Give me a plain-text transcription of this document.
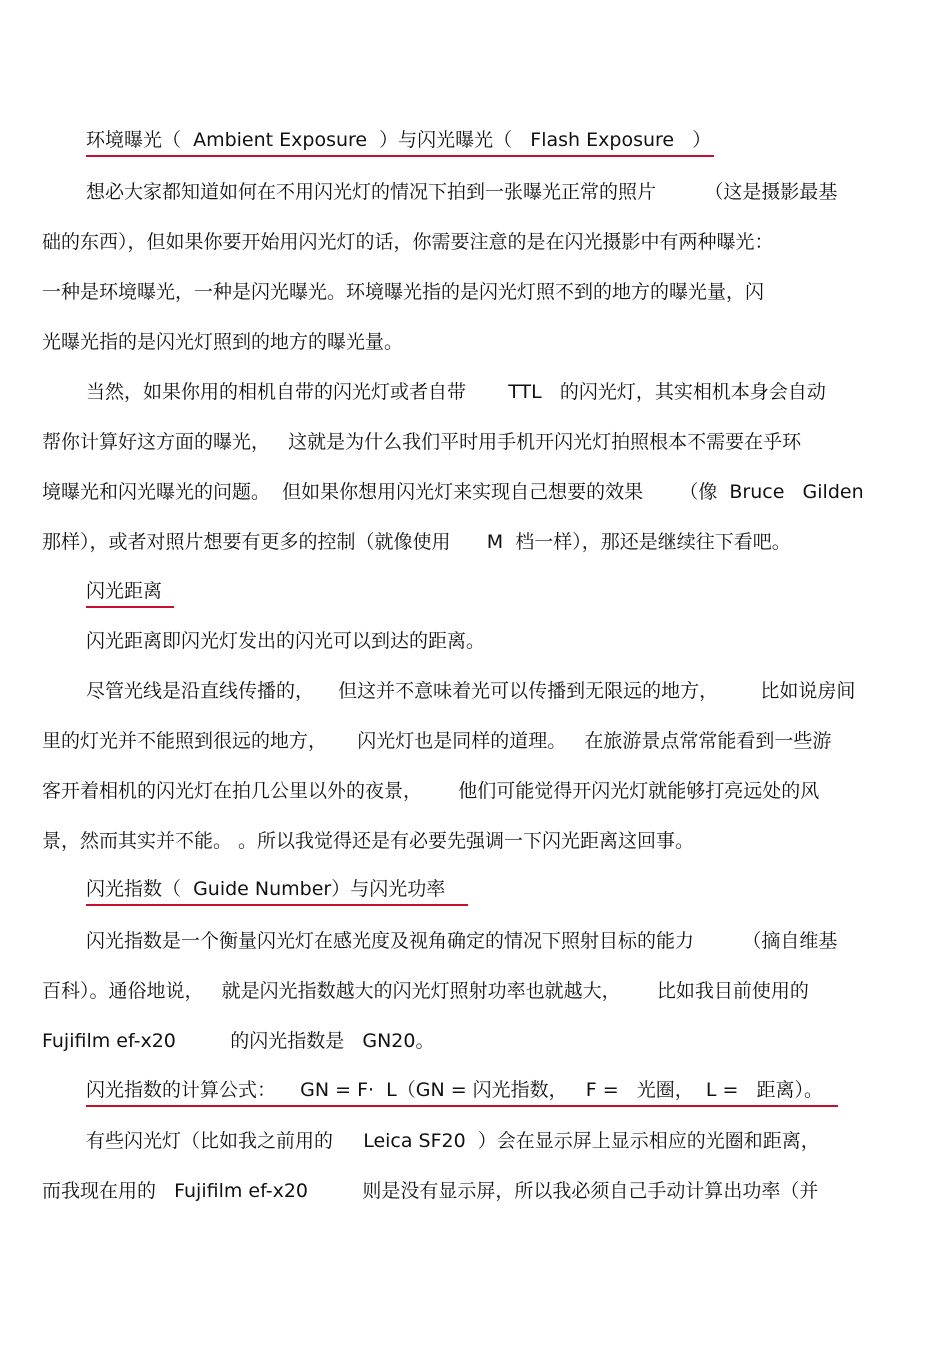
环境曝光（  Ambient Exposure  ）与闪光曝光（   Flash Exposure   ）
想必大家都知道如何在不用闪光灯的情况下拍到一张曝光正常的照片        （这是摄影最基
础的东西），但如果你要开始用闪光灯的话，你需要注意的是在闪光摄影中有两种曝光：
一种是环境曝光，一种是闪光曝光。环境曝光指的是闪光灯照不到的地方的曝光量，闪
光曝光指的是闪光灯照到的地方的曝光量。
当然，如果你用的相机自带的闪光灯或者自带       TTL   的闪光灯，其实相机本身会自动
帮你计算好这方面的曝光，   这就是为什么我们平时用手机开闪光灯拍照根本不需要在乎环
境曝光和闪光曝光的问题。  但如果你想用闪光灯来实现自己想要的效果      （像  Bruce   Gilden
那样），或者对照片想要有更多的控制（就像使用      M  档一样），那还是继续往下看吧。
闪光距离
闪光距离即闪光灯发出的闪光可以到达的距离。
尽管光线是沿直线传播的，    但这并不意味着光可以传播到无限远的地方，       比如说房间
里的灯光并不能照到很远的地方，     闪光灯也是同样的道理。   在旅游景点常常能看到一些游
客开着相机的闪光灯在拍几公里以外的夜景，      他们可能觉得开闪光灯就能够打亮远处的风
景，然而其实并不能。 。所以我觉得还是有必要先强调一下闪光距离这回事。
闪光指数（  Guide Number）与闪光功率
闪光指数是一个衡量闪光灯在感光度及视角确定的情况下照射目标的能力        （摘自维基
百科）。通俗地说，   就是闪光指数越大的闪光灯照射功率也就越大，      比如我目前使用的
Fujifilm ef-x20         的闪光指数是   GN20。
闪光指数的计算公式：    GN = F·  L（GN = 闪光指数，   F =   光圈，  L =   距离）。
有些闪光灯（比如我之前用的     Leica SF20  ）会在显示屏上显示相应的光圈和距离，
而我现在用的   Fujifilm ef-x20         则是没有显示屏，所以我必须自己手动计算出功率（并
